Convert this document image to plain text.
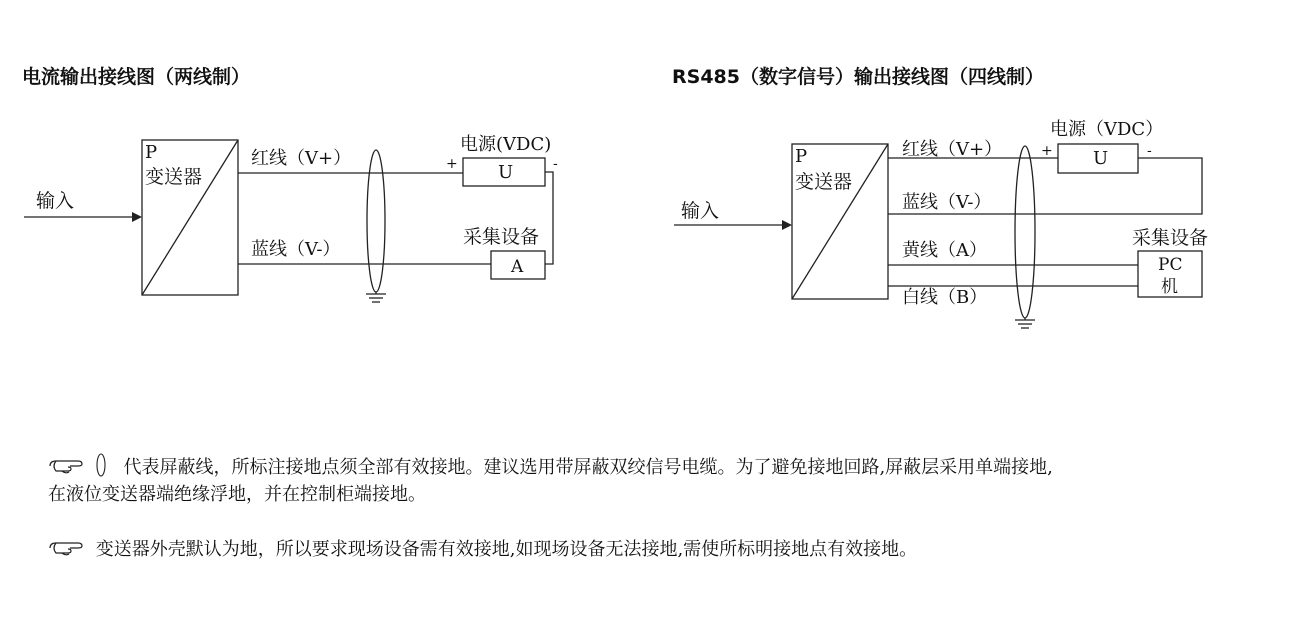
电流输出接线图（两线制）	RS485（数字信号）输出接线图（四线制）
P
变送器
输入
红线（V+）
蓝线（V-）
电源(VDC)
+	-
U
采集设备
A
P
变送器
输入
红线（V+）
蓝线（V-）
黄线（A）
白线（B）
电源（VDC）
+	-
U
采集设备
PC
机
代表屏蔽线，所标注接地点须全部有效接地。建议选用带屏蔽双绞信号电缆。为了避免接地回路,屏蔽层采用单端接地,
在液位变送器端绝缘浮地，并在控制柜端接地。
变送器外壳默认为地，所以要求现场设备需有效接地,如现场设备无法接地,需使所标明接地点有效接地。
